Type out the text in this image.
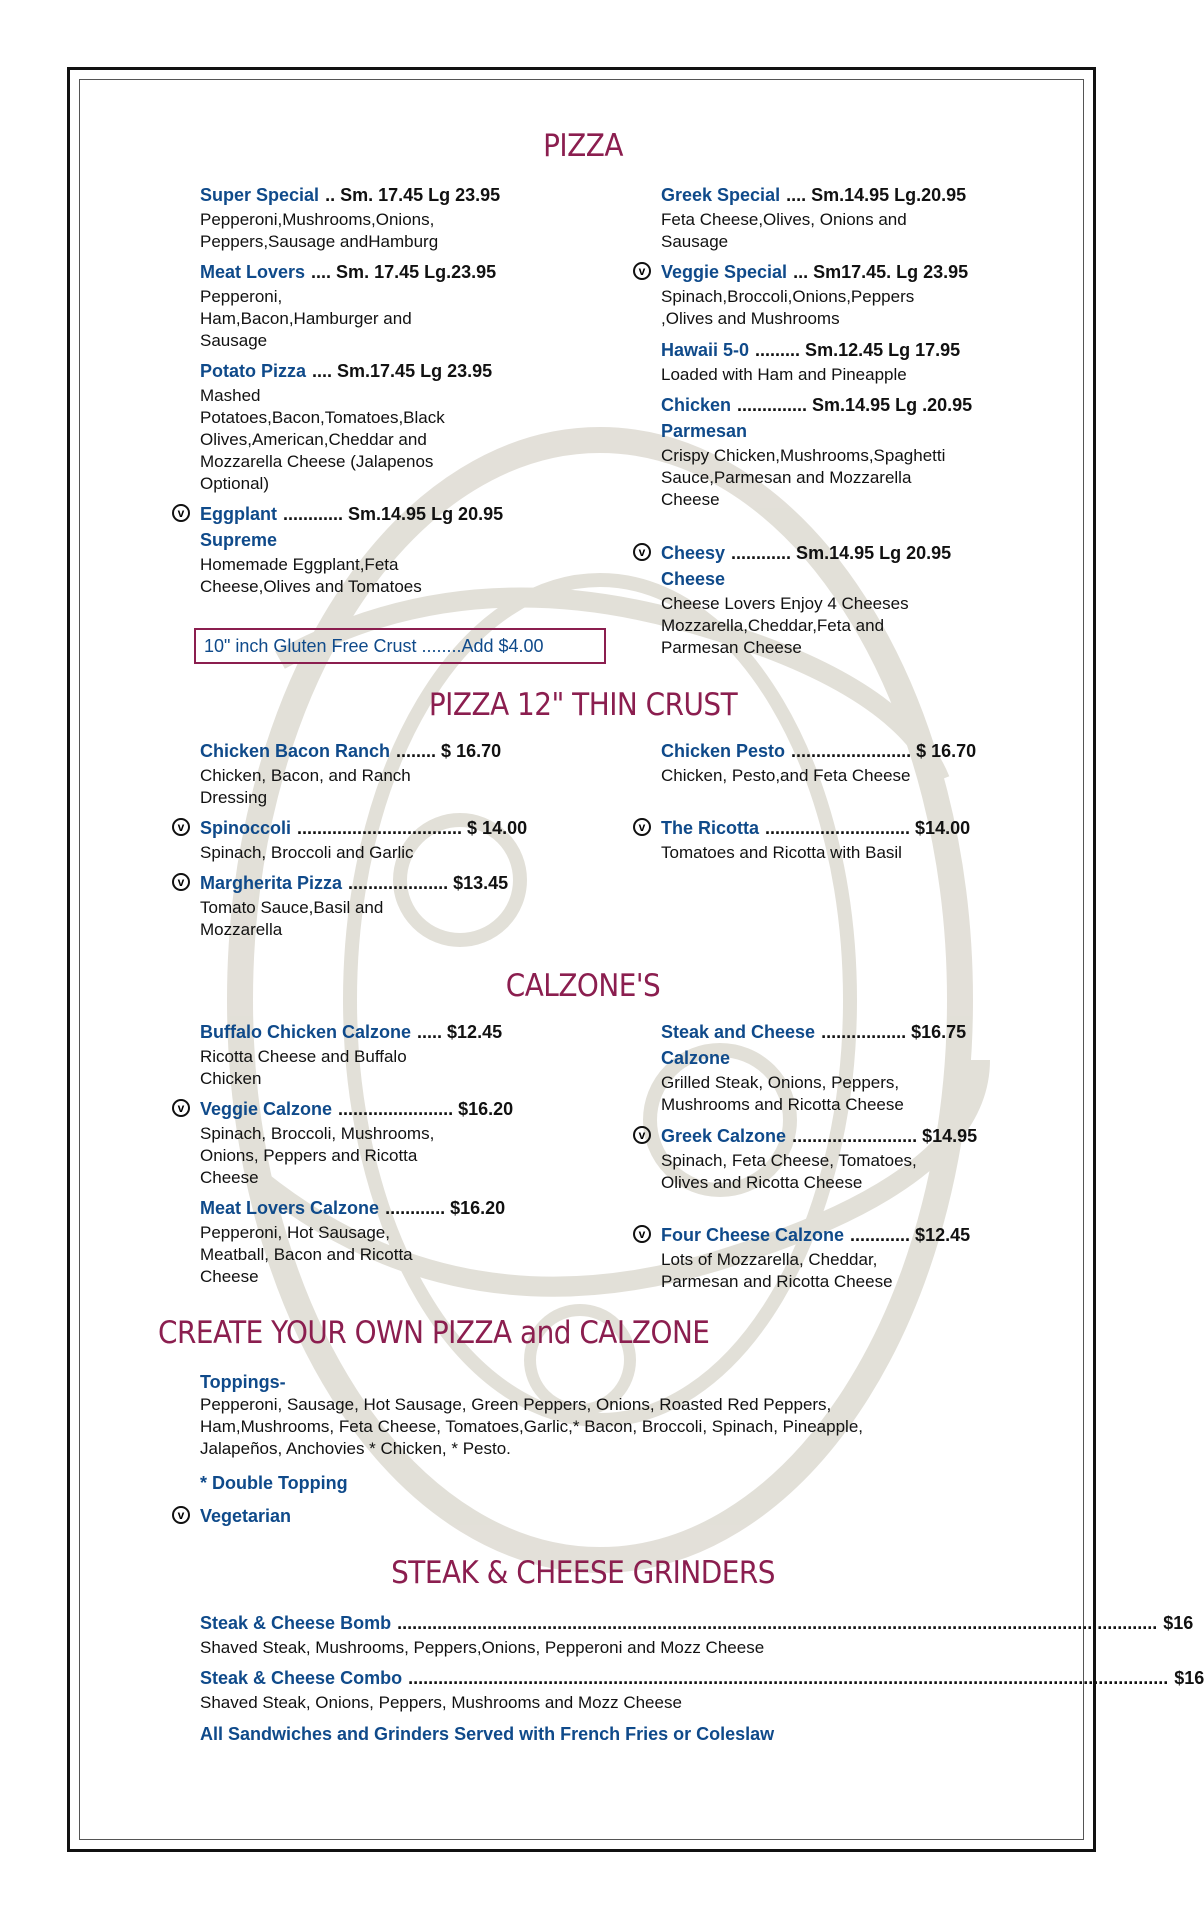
PIZZA
Super Special .. Sm. 17.45 Lg 23.95
Pepperoni,Mushrooms,Onions, Peppers,Sausage andHamburg
Meat Lovers .... Sm. 17.45 Lg.23.95
Pepperoni, Ham,Bacon,Hamburger and Sausage
Potato Pizza .... Sm.17.45 Lg 23.95
Mashed Potatoes,Bacon,Tomatoes,Black Olives,American,Cheddar and Mozzarella Cheese (Jalapenos Optional)
v Eggplant ............ Sm.14.95 Lg 20.95
Supreme
Homemade Eggplant,Feta Cheese,Olives and Tomatoes
10" inch Gluten Free Crust ........Add $4.00
Greek Special .... Sm.14.95 Lg.20.95
Feta Cheese,Olives, Onions and Sausage
v Veggie Special ... Sm17.45. Lg 23.95
Spinach,Broccoli,Onions,Peppers ,Olives and Mushrooms
Hawaii 5-0 ......... Sm.12.45 Lg 17.95
Loaded with Ham and Pineapple
Chicken .............. Sm.14.95 Lg .20.95
Parmesan
Crispy Chicken,Mushrooms,Spaghetti Sauce,Parmesan and Mozzarella Cheese
v Cheesy ............ Sm.14.95 Lg 20.95
Cheese
Cheese Lovers Enjoy 4 Cheeses Mozzarella,Cheddar,Feta and Parmesan Cheese
PIZZA 12" THIN CRUST
Chicken Bacon Ranch ........ $ 16.70
Chicken, Bacon, and Ranch Dressing
v Spinoccoli ................................. $ 14.00
Spinach, Broccoli and Garlic
v Margherita Pizza .................... $13.45
Tomato Sauce,Basil and Mozzarella
Chicken Pesto ........................ $ 16.70
Chicken, Pesto,and Feta Cheese
v The Ricotta ............................. $14.00
Tomatoes and Ricotta with Basil
CALZONE'S
Buffalo Chicken Calzone ..... $12.45
Ricotta Cheese and Buffalo Chicken
v Veggie Calzone ....................... $16.20
Spinach, Broccoli, Mushrooms, Onions, Peppers and Ricotta Cheese
Meat Lovers Calzone ............ $16.20
Pepperoni, Hot Sausage, Meatball, Bacon and Ricotta Cheese
Steak and Cheese ................. $16.75
Calzone
Grilled Steak, Onions, Peppers, Mushrooms and Ricotta Cheese
v Greek Calzone ......................... $14.95
Spinach, Feta Cheese, Tomatoes, Olives and Ricotta Cheese
v Four Cheese Calzone ............ $12.45
Lots of Mozzarella, Cheddar, Parmesan and Ricotta Cheese
CREATE YOUR OWN PIZZA and CALZONE
Toppings-
Pepperoni, Sausage, Hot Sausage, Green Peppers, Onions, Roasted Red Peppers, Ham,Mushrooms, Feta Cheese, Tomatoes,Garlic,* Bacon, Broccoli, Spinach, Pineapple, Jalapeños, Anchovies * Chicken, * Pesto.
* Double Topping
v Vegetarian
STEAK & CHEESE GRINDERS
Steak & Cheese Bomb ........................................................................................................................................................ $16
Shaved Steak, Mushrooms, Peppers,Onions, Pepperoni and Mozz Cheese
Steak & Cheese Combo ........................................................................................................................................................ $16
Shaved Steak, Onions, Peppers, Mushrooms and Mozz Cheese
All Sandwiches and Grinders Served with French Fries or Coleslaw
